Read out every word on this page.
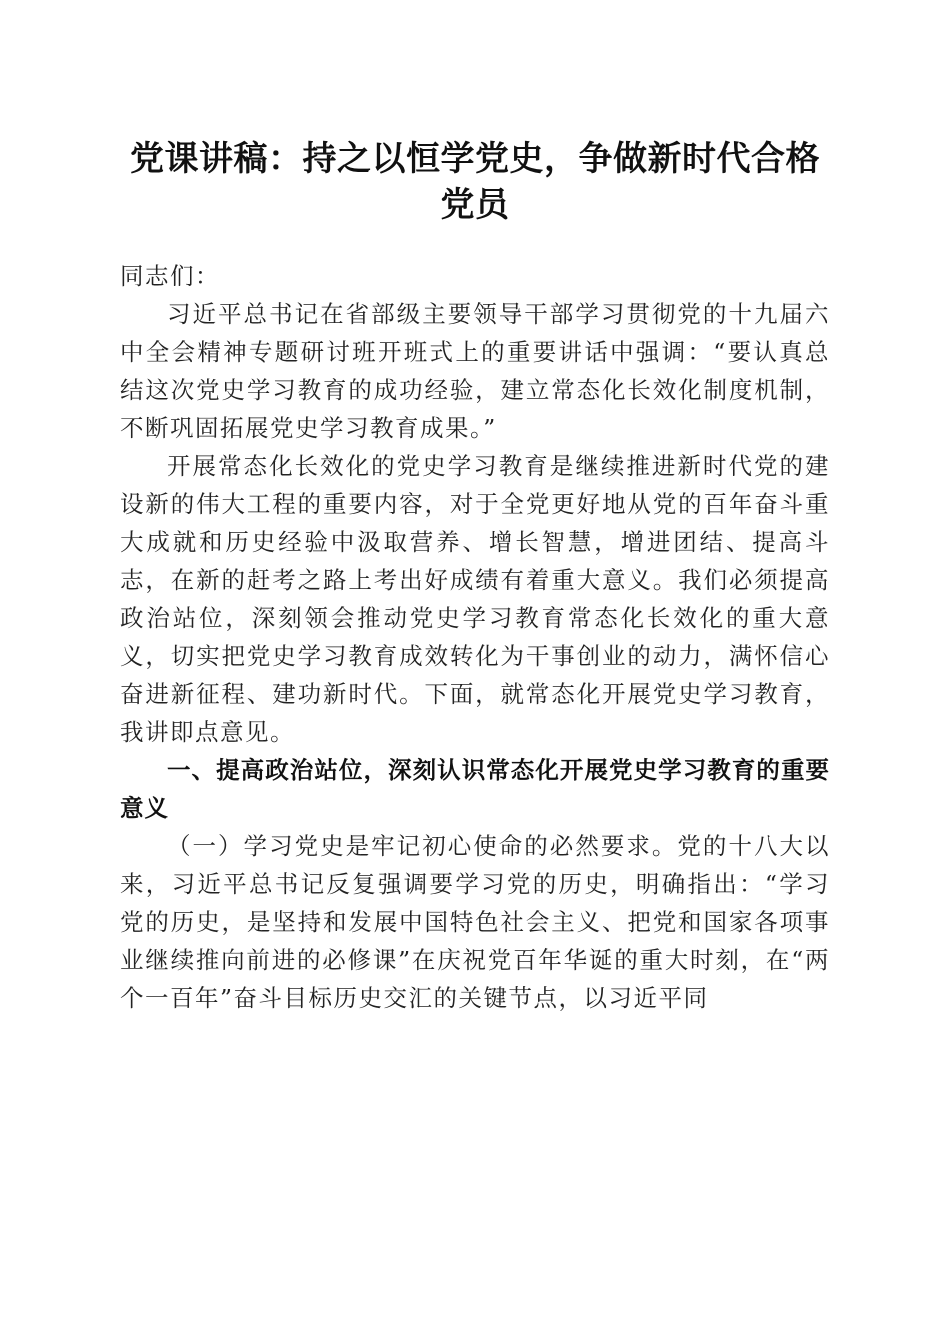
党课讲稿：持之以恒学党史，争做新时代合格
党员

同志们：

习近平总书记在省部级主要领导干部学习贯彻党的十九届六中全会精神专题研讨班开班式上的重要讲话中强调：“要认真总结这次党史学习教育的成功经验，建立常态化长效化制度机制，不断巩固拓展党史学习教育成果。”

开展常态化长效化的党史学习教育是继续推进新时代党的建设新的伟大工程的重要内容，对于全党更好地从党的百年奋斗重大成就和历史经验中汲取营养、增长智慧，增进团结、提高斗志，在新的赶考之路上考出好成绩有着重大意义。我们必须提高政治站位，深刻领会推动党史学习教育常态化长效化的重大意义，切实把党史学习教育成效转化为干事创业的动力，满怀信心奋进新征程、建功新时代。下面，就常态化开展党史学习教育，我讲即点意见。

一、提高政治站位，深刻认识常态化开展党史学习教育的重要意义

（一）学习党史是牢记初心使命的必然要求。党的十八大以来，习近平总书记反复强调要学习党的历史，明确指出：“学习党的历史，是坚持和发展中国特色社会主义、把党和国家各项事业继续推向前进的必修课”在庆祝党百年华诞的重大时刻，在“两个一百年”奋斗目标历史交汇的关键节点，以习近平同
